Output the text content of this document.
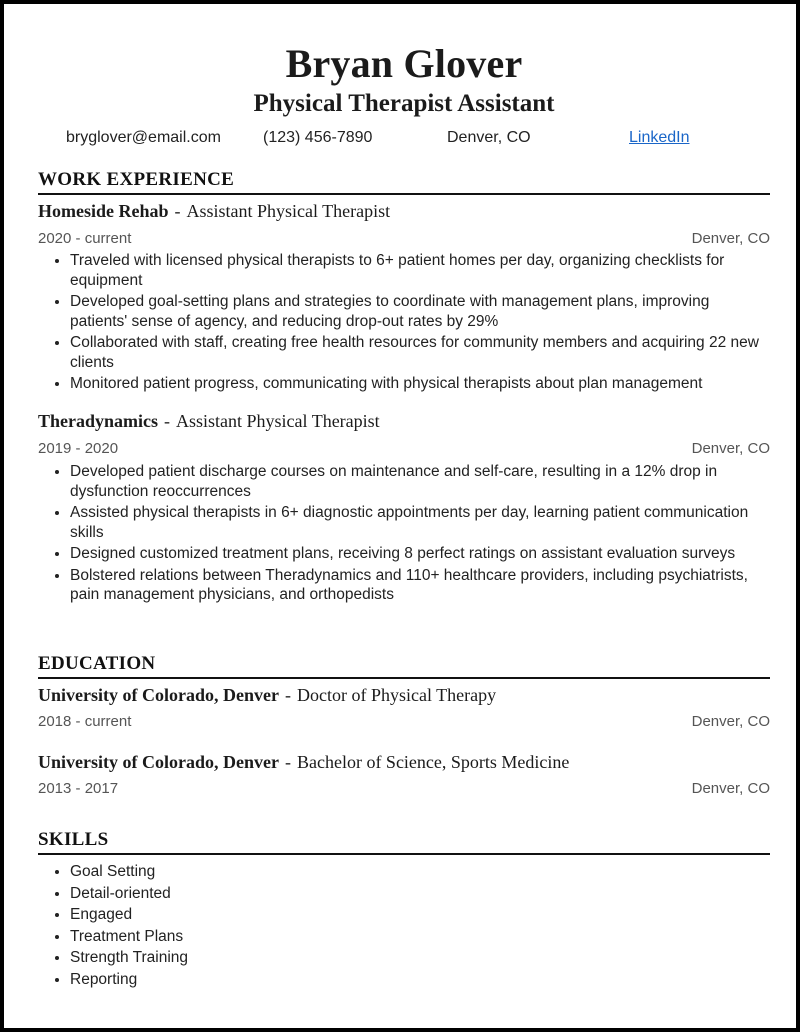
Bryan Glover
Physical Therapist Assistant
bryglover@email.com	(123) 456-7890	Denver, CO	LinkedIn
WORK EXPERIENCE
Homeside Rehab - Assistant Physical Therapist
2020 - current	Denver, CO
• Traveled with licensed physical therapists to 6+ patient homes per day, organizing checklists for equipment
• Developed goal-setting plans and strategies to coordinate with management plans, improving patients' sense of agency, and reducing drop-out rates by 29%
• Collaborated with staff, creating free health resources for community members and acquiring 22 new clients
• Monitored patient progress, communicating with physical therapists about plan management
Theradynamics - Assistant Physical Therapist
2019 - 2020	Denver, CO
• Developed patient discharge courses on maintenance and self-care, resulting in a 12% drop in dysfunction reoccurrences
• Assisted physical therapists in 6+ diagnostic appointments per day, learning patient communication skills
• Designed customized treatment plans, receiving 8 perfect ratings on assistant evaluation surveys
• Bolstered relations between Theradynamics and 110+ healthcare providers, including psychiatrists, pain management physicians, and orthopedists
EDUCATION
University of Colorado, Denver - Doctor of Physical Therapy
2018 - current	Denver, CO
University of Colorado, Denver - Bachelor of Science, Sports Medicine
2013 - 2017	Denver, CO
SKILLS
• Goal Setting
• Detail-oriented
• Engaged
• Treatment Plans
• Strength Training
• Reporting
